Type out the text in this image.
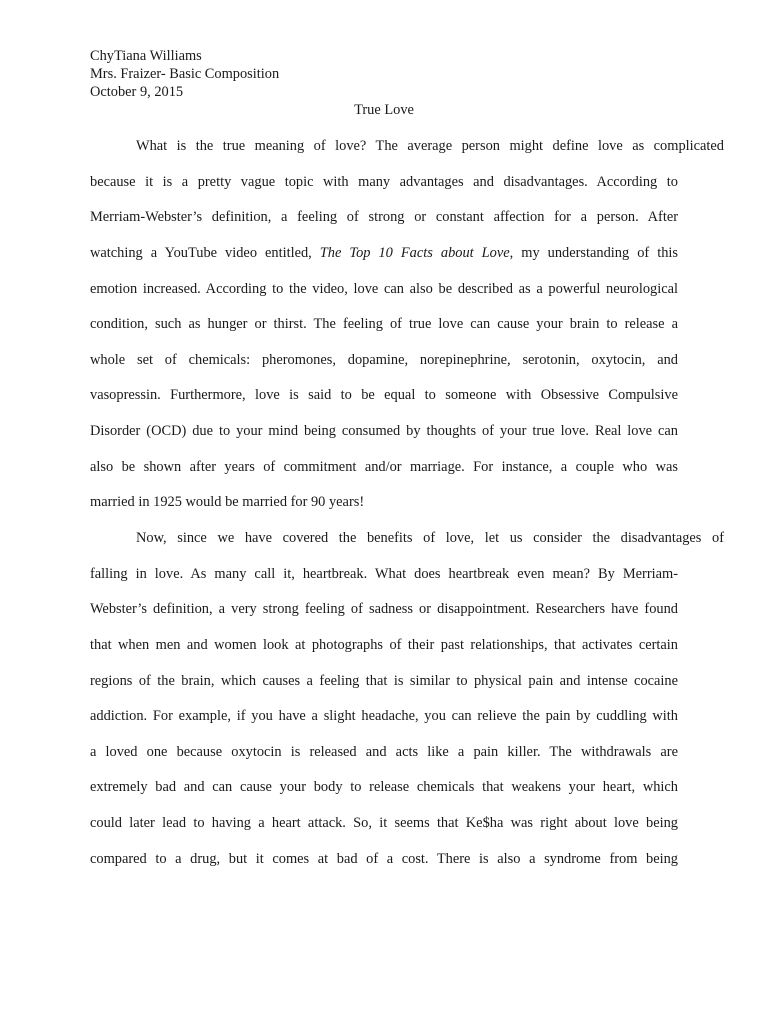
ChyTiana Williams
Mrs. Fraizer- Basic Composition
October 9, 2015
True Love
What is the true meaning of love? The average person might define love as complicated
because it is a pretty vague topic with many advantages and disadvantages. According to
Merriam-Webster’s definition, a feeling of strong or constant affection for a person. After
watching a YouTube video entitled, The Top 10 Facts about Love, my understanding of this
emotion increased. According to the video, love can also be described as a powerful neurological
condition, such as hunger or thirst. The feeling of true love can cause your brain to release a
whole set of chemicals: pheromones, dopamine, norepinephrine, serotonin, oxytocin, and
vasopressin. Furthermore, love is said to be equal to someone with Obsessive Compulsive
Disorder (OCD) due to your mind being consumed by thoughts of your true love. Real love can
also be shown after years of commitment and/or marriage. For instance, a couple who was
married in 1925 would be married for 90 years!
Now, since we have covered the benefits of love, let us consider the disadvantages of
falling in love. As many call it, heartbreak. What does heartbreak even mean? By Merriam-
Webster’s definition, a very strong feeling of sadness or disappointment. Researchers have found
that when men and women look at photographs of their past relationships, that activates certain
regions of the brain, which causes a feeling that is similar to physical pain and intense cocaine
addiction. For example, if you have a slight headache, you can relieve the pain by cuddling with
a loved one because oxytocin is released and acts like a pain killer. The withdrawals are
extremely bad and can cause your body to release chemicals that weakens your heart, which
could later lead to having a heart attack. So, it seems that Ke$ha was right about love being
compared to a drug, but it comes at bad of a cost. There is also a syndrome from being
